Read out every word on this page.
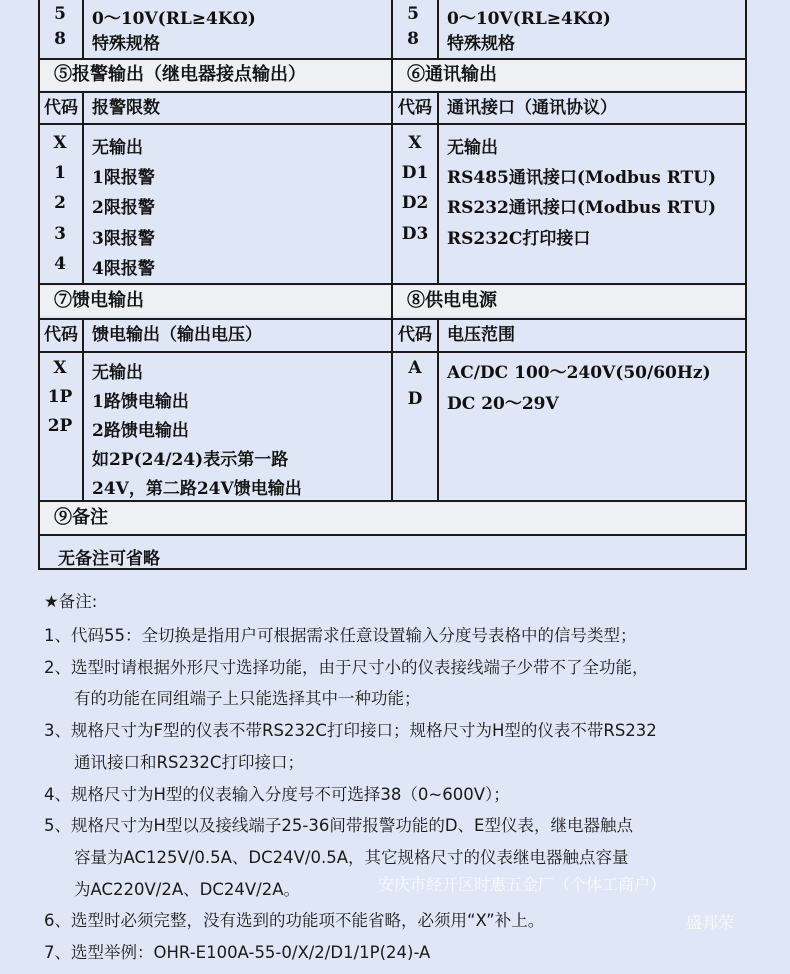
5	0～10V(RL≥4KΩ)
8	特殊规格
5	0～10V(RL≥4KΩ)
8	特殊规格
⑤报警输出（继电器接点输出）	⑥通讯输出
代码 报警限数	代码 通讯接口（通讯协议）
X	无输出
1	1限报警
2	2限报警
3	3限报警
4	4限报警
X	无输出
D1 RS485通讯接口(Modbus RTU)
D2 RS232通讯接口(Modbus RTU)
D3 RS232C打印接口
⑦馈电输出	⑧供电电源
代码 馈电输出（输出电压）	代码 电压范围
X	无输出
1P	1路馈电输出
2P	2路馈电输出
如2P(24/24)表示第一路
24V，第二路24V馈电输出
A	AC/DC 100～240V(50/60Hz)
D	DC 20～29V
⑨备注
无备注可省略
★备注:
1、代码55：全切换是指用户可根据需求任意设置输入分度号表格中的信号类型；
2、选型时请根据外形尺寸选择功能，由于尺寸小的仪表接线端子少带不了全功能，
有的功能在同组端子上只能选择其中一种功能；
3、规格尺寸为F型的仪表不带RS232C打印接口；规格尺寸为H型的仪表不带RS232
通讯接口和RS232C打印接口；
4、规格尺寸为H型的仪表输入分度号不可选择38（0~600V）；
5、规格尺寸为H型以及接线端子25-36间带报警功能的D、E型仪表，继电器触点
容量为AC125V/0.5A、DC24V/0.5A，其它规格尺寸的仪表继电器触点容量
为AC220V/2A、DC24V/2A。
6、选型时必须完整，没有选到的功能项不能省略，必须用“X”补上。
7、选型举例：OHR-E100A-55-0/X/2/D1/1P(24)-A
安庆市经开区时惠五金厂（个体工商户）
盛邦荣
